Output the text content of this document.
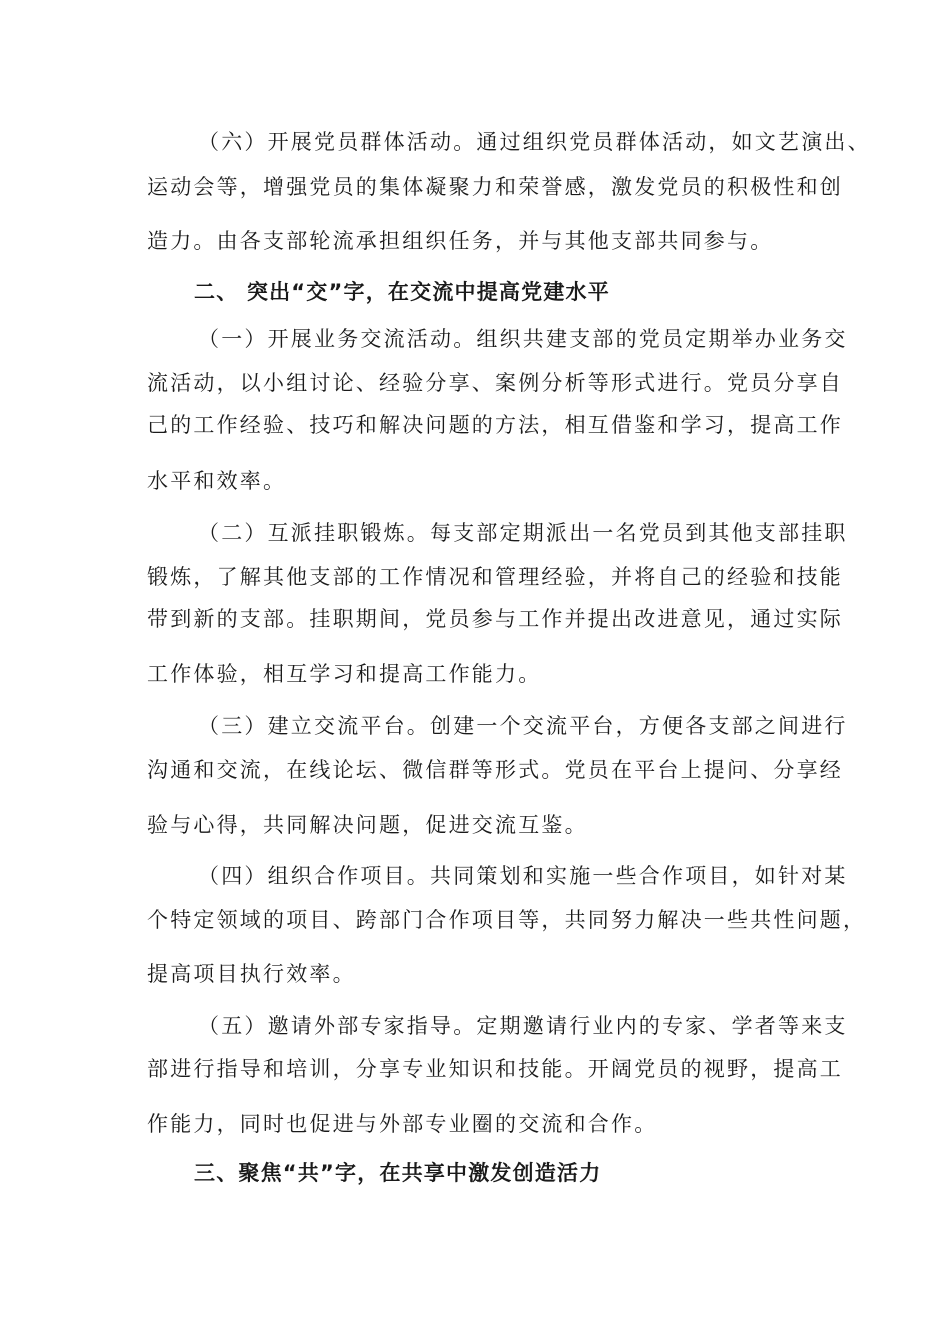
（六）开展党员群体活动。通过组织党员群体活动，如文艺演出、
运动会等，增强党员的集体凝聚力和荣誉感，激发党员的积极性和创
造力。由各支部轮流承担组织任务，并与其他支部共同参与。
二、 突出“交”字，在交流中提高党建水平
（一）开展业务交流活动。组织共建支部的党员定期举办业务交
流活动，以小组讨论、经验分享、案例分析等形式进行。党员分享自
己的工作经验、技巧和解决问题的方法，相互借鉴和学习，提高工作
水平和效率。
（二）互派挂职锻炼。每支部定期派出一名党员到其他支部挂职
锻炼，了解其他支部的工作情况和管理经验，并将自己的经验和技能
带到新的支部。挂职期间，党员参与工作并提出改进意见，通过实际
工作体验，相互学习和提高工作能力。
（三）建立交流平台。创建一个交流平台，方便各支部之间进行
沟通和交流，在线论坛、微信群等形式。党员在平台上提问、分享经
验与心得，共同解决问题，促进交流互鉴。
（四）组织合作项目。共同策划和实施一些合作项目，如针对某
个特定领域的项目、跨部门合作项目等，共同努力解决一些共性问题，
提高项目执行效率。
（五）邀请外部专家指导。定期邀请行业内的专家、学者等来支
部进行指导和培训，分享专业知识和技能。开阔党员的视野，提高工
作能力，同时也促进与外部专业圈的交流和合作。
三、聚焦“共”字，在共享中激发创造活力
